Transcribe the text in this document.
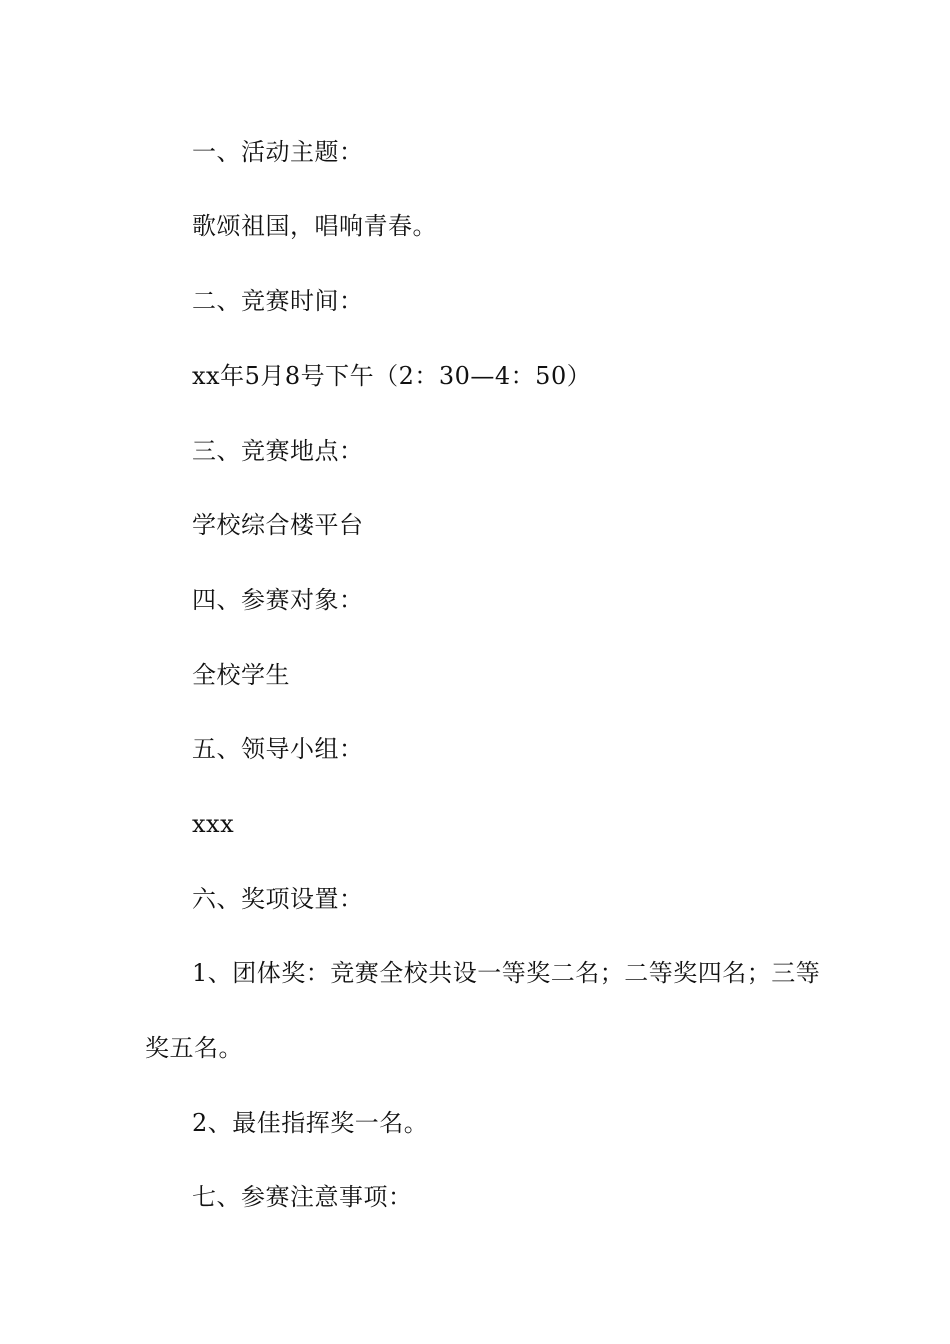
一、活动主题：
歌颂祖国，唱响青春。
二、竞赛时间：
xx年5月8号下午（2：30—4：50）
三、竞赛地点：
学校综合楼平台
四、参赛对象：
全校学生
五、领导小组：
xxx
六、奖项设置：
1、团体奖：竞赛全校共设一等奖二名；二等奖四名；三等
奖五名。
2、最佳指挥奖一名。
七、参赛注意事项：
